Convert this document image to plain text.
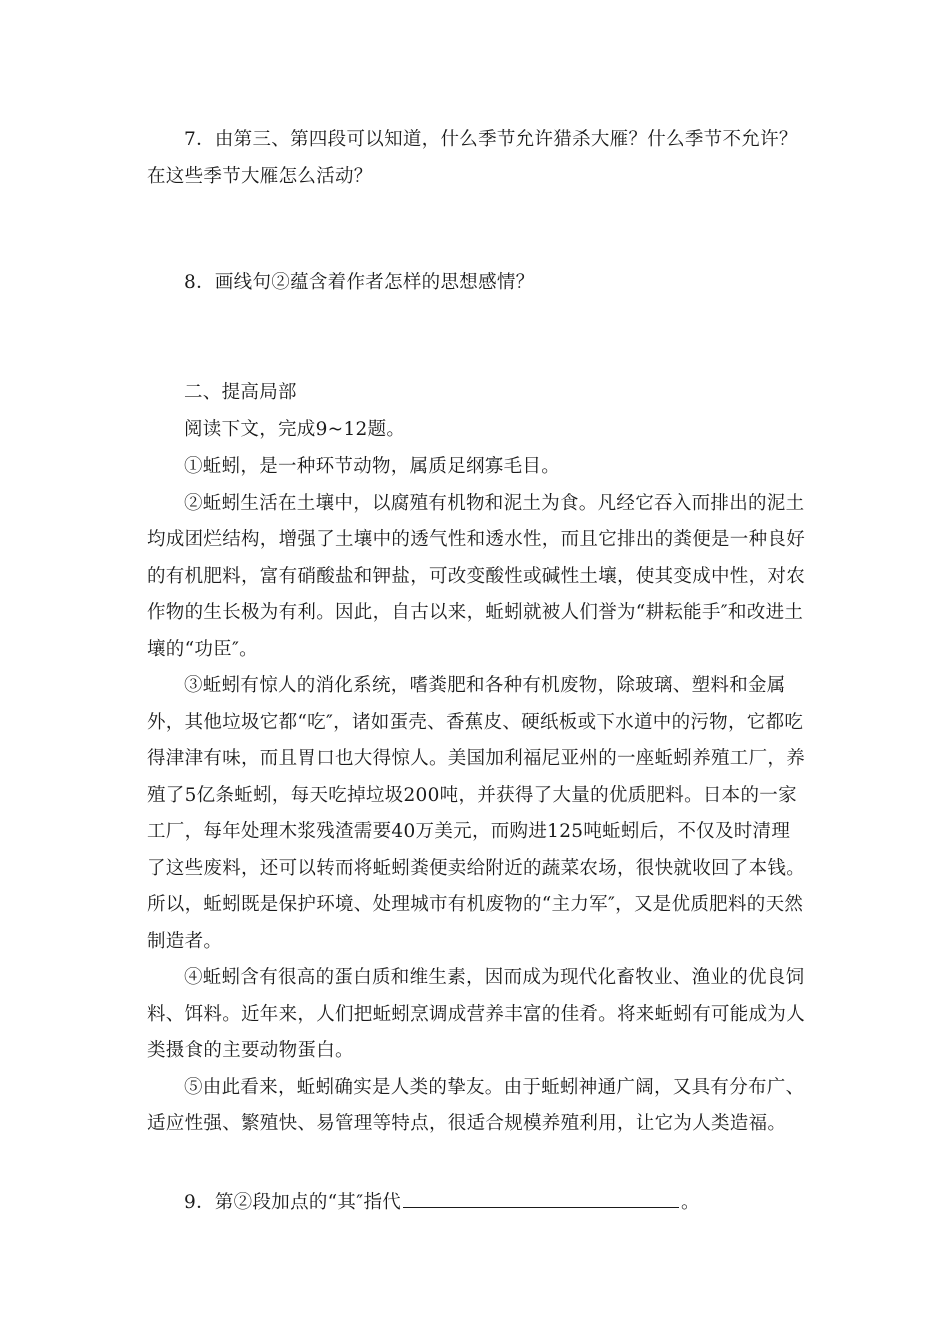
7．由第三、第四段可以知道，什么季节允许猎杀大雁？什么季节不允许？在这些季节大雁怎么活动？

8．画线句②蕴含着作者怎样的思想感情？

二、提高局部

阅读下文，完成9~12题。

①蚯蚓，是一种环节动物，属质足纲寡毛目。

②蚯蚓生活在土壤中，以腐殖有机物和泥土为食。凡经它吞入而排出的泥土均成团烂结构，增强了土壤中的透气性和透水性，而且它排出的粪便是一种良好的有机肥料，富有硝酸盐和钾盐，可改变酸性或碱性土壤，使其变成中性，对农作物的生长极为有利。因此，自古以来，蚯蚓就被人们誉为“耕耘能手″和改进土壤的“功臣″。

③蚯蚓有惊人的消化系统，嗜粪肥和各种有机废物，除玻璃、塑料和金属外，其他垃圾它都“吃″，诸如蛋壳、香蕉皮、硬纸板或下水道中的污物，它都吃得津津有味，而且胃口也大得惊人。美国加利福尼亚州的一座蚯蚓养殖工厂，养殖了5亿条蚯蚓，每天吃掉垃圾200吨，并获得了大量的优质肥料。日本的一家工厂，每年处理木浆残渣需要40万美元，而购进125吨蚯蚓后，不仅及时清理了这些废料，还可以转而将蚯蚓粪便卖给附近的蔬菜农场，很快就收回了本钱。所以，蚯蚓既是保护环境、处理城市有机废物的“主力军″，又是优质肥料的天然制造者。

④蚯蚓含有很高的蛋白质和维生素，因而成为现代化畜牧业、渔业的优良饲料、饵料。近年来，人们把蚯蚓烹调成营养丰富的佳肴。将来蚯蚓有可能成为人类摄食的主要动物蛋白。

⑤由此看来，蚯蚓确实是人类的挚友。由于蚯蚓神通广阔，又具有分布广、适应性强、繁殖快、易管理等特点，很适合规模养殖利用，让它为人类造福。

9．第②段加点的“其″指代	。
